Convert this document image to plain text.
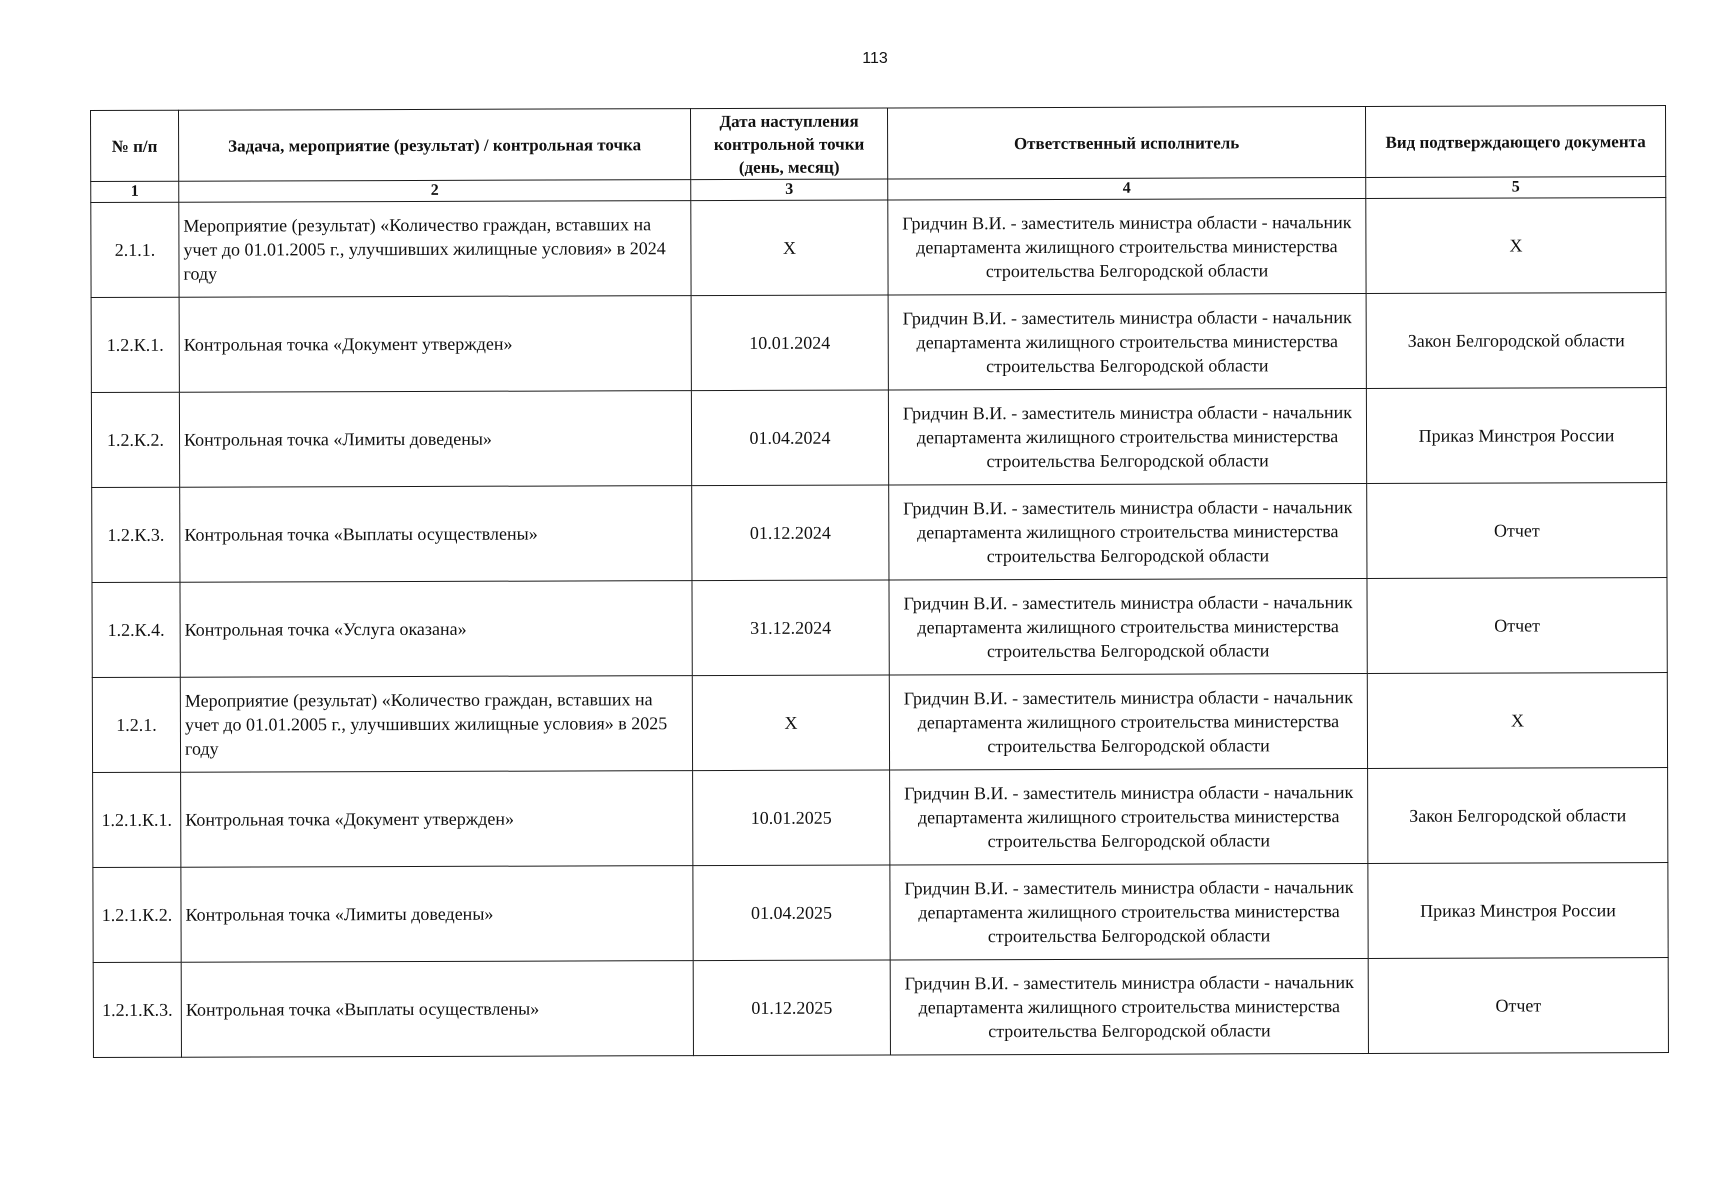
113
№ п/п	Задача, мероприятие (результат) / контрольная точка	Дата наступления контрольной точки (день, месяц)	Ответственный исполнитель	Вид подтверждающего документа
1	2	3	4	5
2.1.1.	Мероприятие (результат) «Количество граждан, вставших на учет до 01.01.2005 г., улучшивших жилищные условия» в 2024 году	Х	Гридчин В.И. - заместитель министра области - начальник департамента жилищного строительства министерства строительства Белгородской области	Х
1.2.К.1.	Контрольная точка «Документ утвержден»	10.01.2024	Гридчин В.И. - заместитель министра области - начальник департамента жилищного строительства министерства строительства Белгородской области	Закон Белгородской области
1.2.К.2.	Контрольная точка «Лимиты доведены»	01.04.2024	Гридчин В.И. - заместитель министра области - начальник департамента жилищного строительства министерства строительства Белгородской области	Приказ Минстроя России
1.2.К.3.	Контрольная точка «Выплаты осуществлены»	01.12.2024	Гридчин В.И. - заместитель министра области - начальник департамента жилищного строительства министерства строительства Белгородской области	Отчет
1.2.К.4.	Контрольная точка «Услуга оказана»	31.12.2024	Гридчин В.И. - заместитель министра области - начальник департамента жилищного строительства министерства строительства Белгородской области	Отчет
1.2.1.	Мероприятие (результат) «Количество граждан, вставших на учет до 01.01.2005 г., улучшивших жилищные условия» в 2025 году	Х	Гридчин В.И. - заместитель министра области - начальник департамента жилищного строительства министерства строительства Белгородской области	Х
1.2.1.К.1.	Контрольная точка «Документ утвержден»	10.01.2025	Гридчин В.И. - заместитель министра области - начальник департамента жилищного строительства министерства строительства Белгородской области	Закон Белгородской области
1.2.1.К.2.	Контрольная точка «Лимиты доведены»	01.04.2025	Гридчин В.И. - заместитель министра области - начальник департамента жилищного строительства министерства строительства Белгородской области	Приказ Минстроя России
1.2.1.К.3.	Контрольная точка «Выплаты осуществлены»	01.12.2025	Гридчин В.И. - заместитель министра области - начальник департамента жилищного строительства министерства строительства Белгородской области	Отчет
